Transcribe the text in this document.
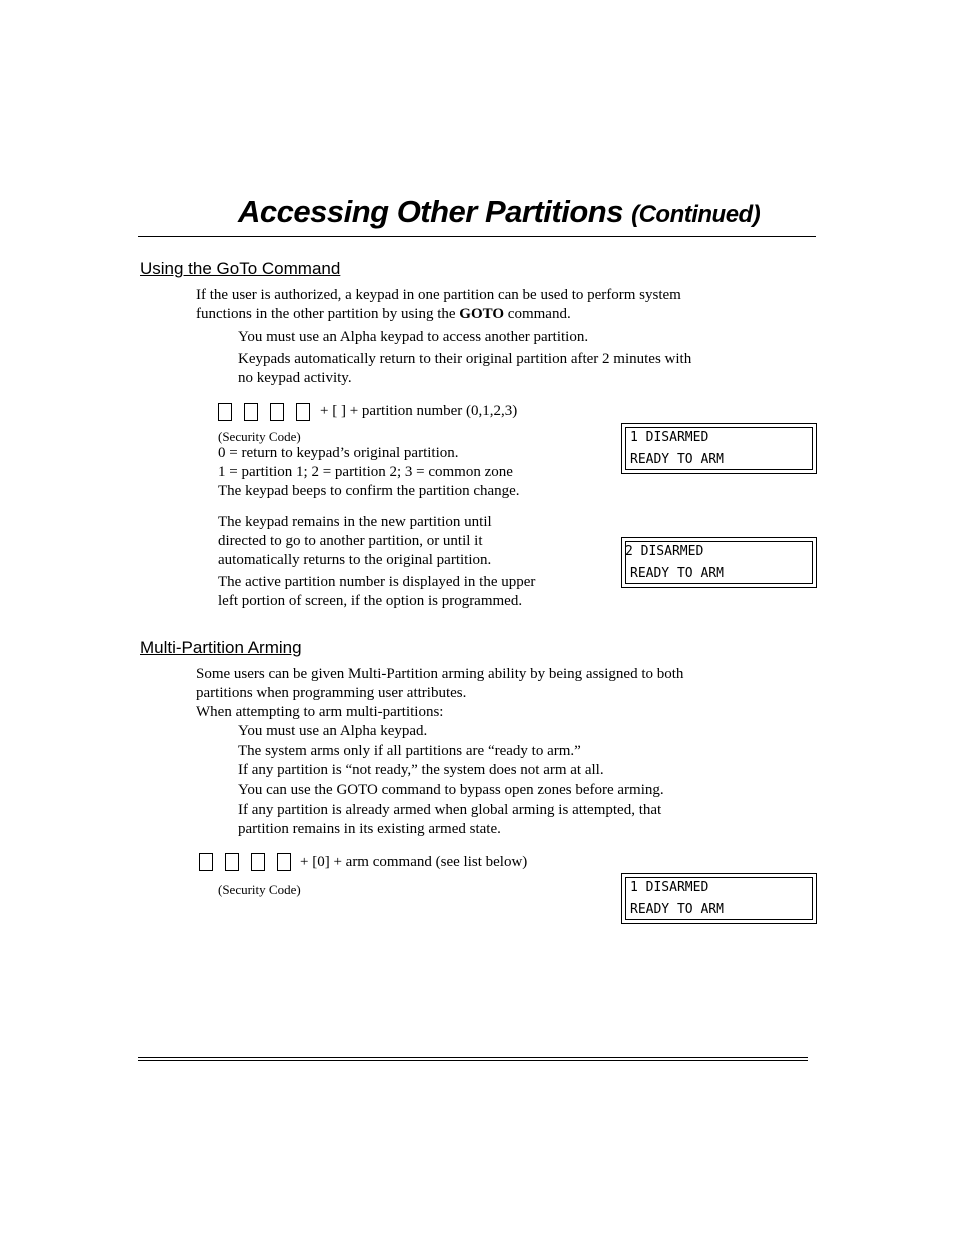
Accessing Other Partitions (Continued)
Using the GoTo Command
If the user is authorized, a keypad in one partition can be used to perform system
functions in the other partition by using the GOTO command.
You must use an Alpha keypad to access another partition.
Keypads automatically return to their original partition after 2 minutes with
no keypad activity.
+ [ ] + partition number (0,1,2,3)
(Security Code)
0 = return to keypad’s original partition.
1 = partition 1; 2 = partition 2; 3 = common zone
The keypad beeps to confirm the partition change.
The keypad remains in the new partition until
directed to go to another partition, or until it
automatically returns to the original partition.
The active partition number is displayed in the upper
left portion of screen, if the option is programmed.
1 DISARMED
READY TO ARM
2 DISARMED
READY TO ARM
Multi-Partition Arming
Some users can be given Multi-Partition arming ability by being assigned to both
partitions when programming user attributes.
When attempting to arm multi-partitions:
You must use an Alpha keypad.
The system arms only if all partitions are “ready to arm.”
If any partition is “not ready,” the system does not arm at all.
You can use the GOTO command to bypass open zones before arming.
If any partition is already armed when global arming is attempted, that
partition remains in its existing armed state.
+ [0] + arm command (see list below)
(Security Code)	1 DISARMED
READY TO ARM
